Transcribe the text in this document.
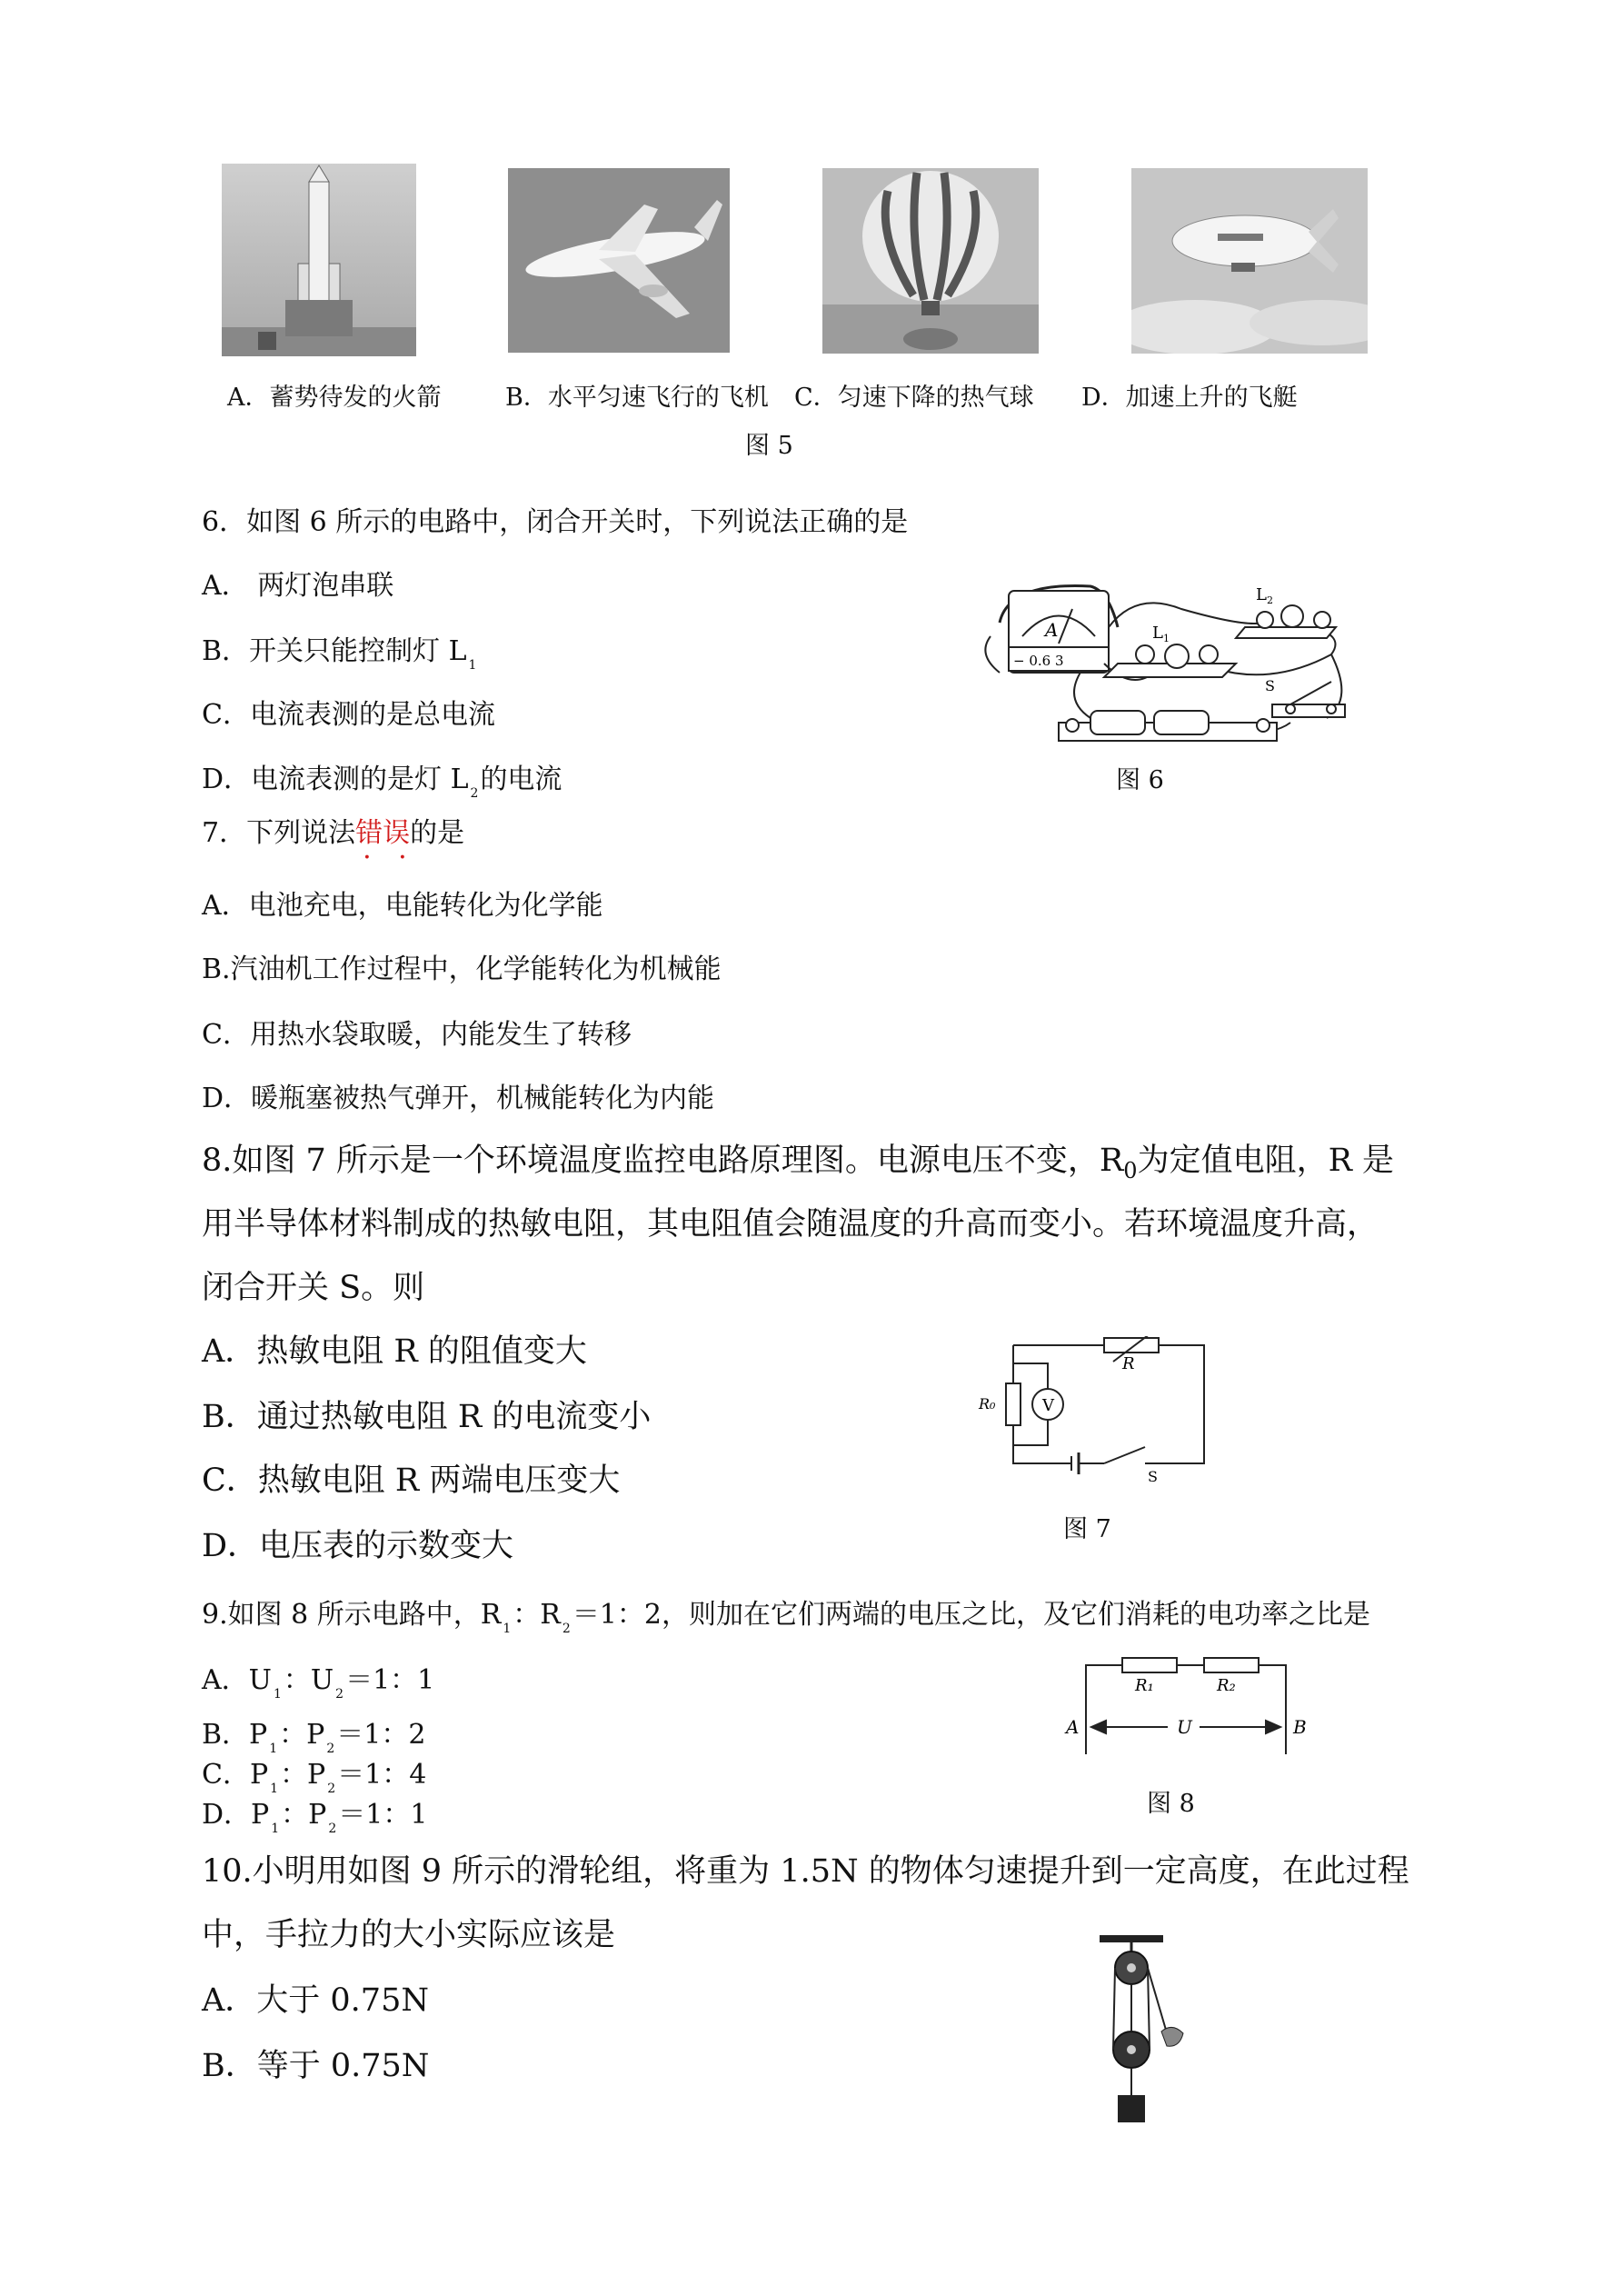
A．蓄势待发的火箭	B．水平匀速飞行的飞机 C．匀速下降的热气球 D．加速上升的飞艇
图 5
6．如图 6 所示的电路中，闭合开关时，下列说法正确的是
A． 两灯泡串联
B．开关只能控制灯 L $_1$
C．电流表测的是总电流
D．电流表测的是灯 L $_2$的电流
A
− 0.6 3
$L_1$
$L_2$
S
图 6
7．下列说法错误 · ·的是
A．电池充电，电能转化为化学能
B.汽油机工作过程中，化学能转化为机械能
C．用热水袋取暖，内能发生了转移
D．暖瓶塞被热气弹开，机械能转化为内能
8.如图 7 所示是一个环境温度监控电路原理图。电源电压不变，$R_0$为定值电阻，R 是
用半导体材料制成的热敏电阻，其电阻值会随温度的升高而变小。若环境温度升高，
闭合开关 S。则
A．热敏电阻 R 的阻值变大
B．通过热敏电阻 R 的电流变小
C．热敏电阻 R 两端电压变大
D．电压表的示数变大
R
R₀	V
S
图 7
9.如图 8 所示电路中，R $_1$：R $_2$＝1：2，则加在它们两端的电压之比，及它们消耗的电功率之比是
A．U $_1$：U $_2$＝1：1
B．P $_1$：P $_2$＝1：2
C．P $_1$：P $_2$＝1：4
D．P $_1$：P $_2$＝1：1
R₁	R₂
A	U	B
图 8
10.小明用如图 9 所示的滑轮组，将重为 1.5N 的物体匀速提升到一定高度，在此过程
中，手拉力的大小实际应该是
A．大于 0.75N
B．等于 0.75N
